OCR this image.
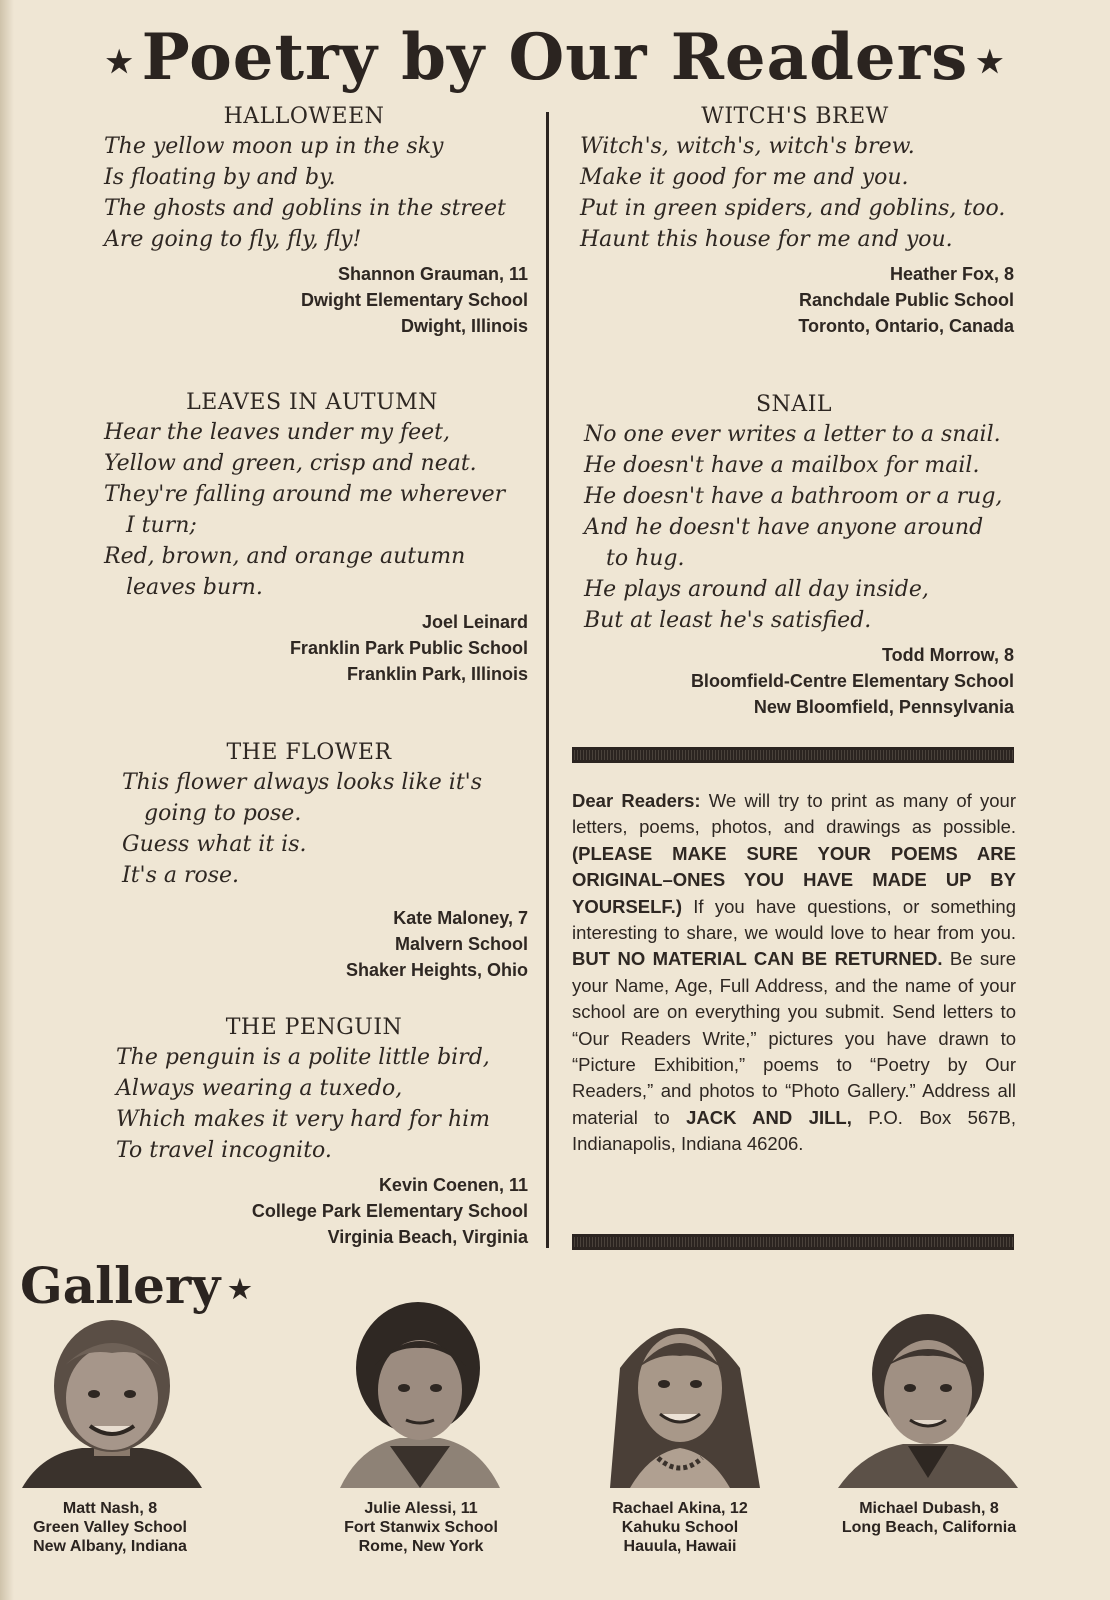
★ Poetry by Our Readers ★
HALLOWEEN
The yellow moon up in the sky
Is floating by and by.
The ghosts and goblins in the street
Are going to fly, fly, fly!
Shannon Grauman, 11
Dwight Elementary School
Dwight, Illinois
LEAVES IN AUTUMN
Hear the leaves under my feet,
Yellow and green, crisp and neat.
They're falling around me wherever
I turn;
Red, brown, and orange autumn
leaves burn.
Joel Leinard
Franklin Park Public School
Franklin Park, Illinois
THE FLOWER
This flower always looks like it's
going to pose.
Guess what it is.
It's a rose.
Kate Maloney, 7
Malvern School
Shaker Heights, Ohio
THE PENGUIN
The penguin is a polite little bird,
Always wearing a tuxedo,
Which makes it very hard for him
To travel incognito.
Kevin Coenen, 11
College Park Elementary School
Virginia Beach, Virginia
WITCH'S BREW
Witch's, witch's, witch's brew.
Make it good for me and you.
Put in green spiders, and goblins, too.
Haunt this house for me and you.
Heather Fox, 8
Ranchdale Public School
Toronto, Ontario, Canada
SNAIL
No one ever writes a letter to a snail.
He doesn't have a mailbox for mail.
He doesn't have a bathroom or a rug,
And he doesn't have anyone around
to hug.
He plays around all day inside,
But at least he's satisfied.
Todd Morrow, 8
Bloomfield-Centre Elementary School
New Bloomfield, Pennsylvania
Dear Readers: We will try to print as many of your letters, poems, photos, and drawings as possible. (PLEASE MAKE SURE YOUR POEMS ARE ORIGINAL–ONES YOU HAVE MADE UP BY YOURSELF.) If you have questions, or something interesting to share, we would love to hear from you. BUT NO MATERIAL CAN BE RETURNED. Be sure your Name, Age, Full Address, and the name of your school are on everything you submit. Send letters to “Our Readers Write,” pictures you have drawn to “Picture Exhibition,” poems to “Poetry by Our Readers,” and photos to “Photo Gallery.” Address all material to JACK AND JILL, P.O. Box 567B, Indianapolis, Indiana 46206.
Gallery ★
Matt Nash, 8
Green Valley School
New Albany, Indiana
Julie Alessi, 11
Fort Stanwix School
Rome, New York
Rachael Akina, 12
Kahuku School
Hauula, Hawaii
Michael Dubash, 8
Long Beach, California
